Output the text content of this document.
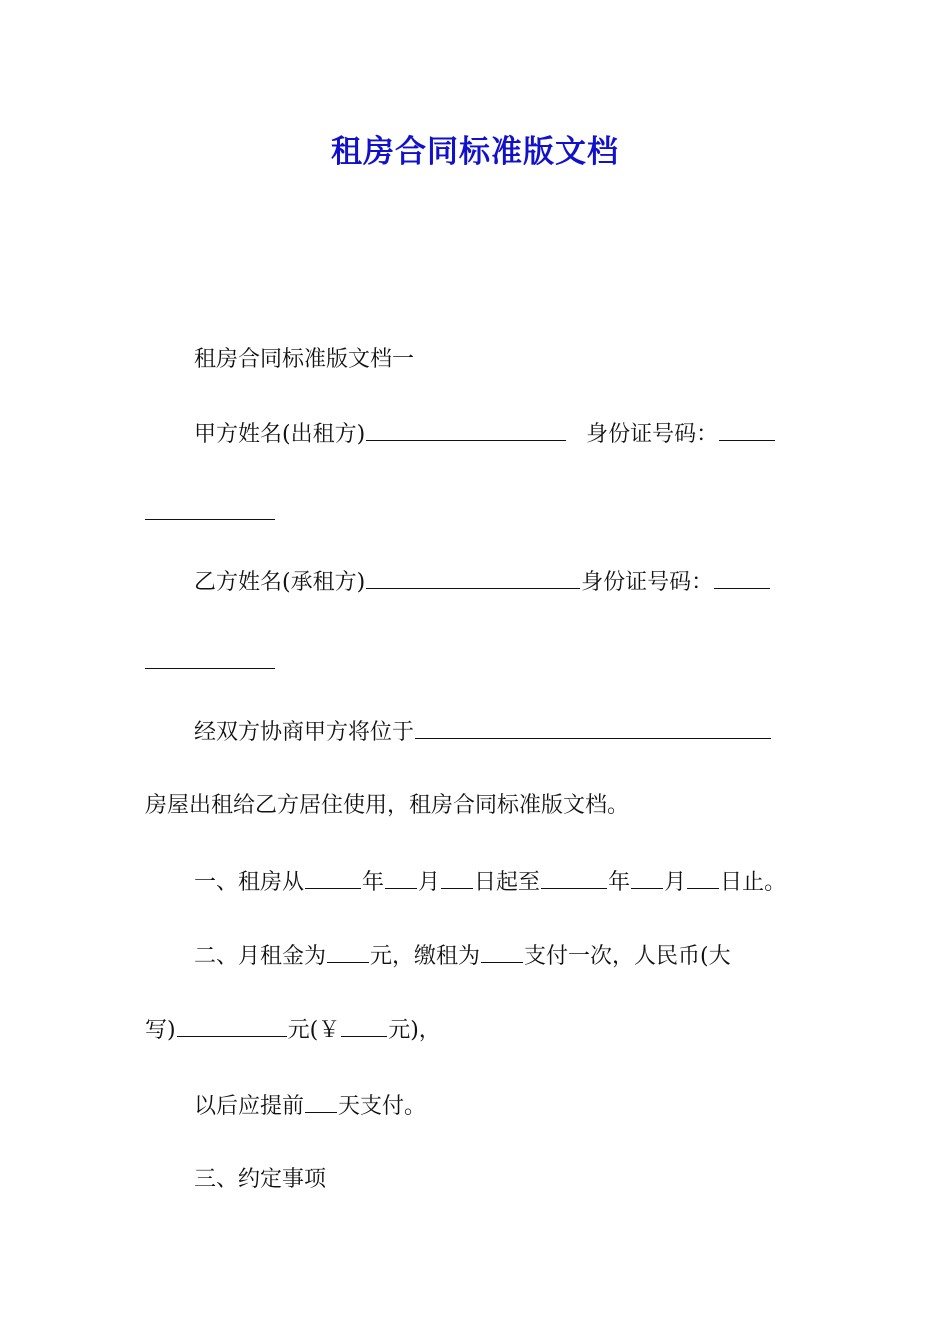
租房合同标准版文档
租房合同标准版文档一
甲方姓名(出租方)	身份证号码：
乙方姓名(承租方)	身份证号码：
经双方协商甲方将位于
房屋出租给乙方居住使用，租房合同标准版文档。
一、租房从	年 月 日起至	年 月 日止。
二、月租金为 元，缴租为 支付一次，人民币(大
写)	元(￥ 元)，
以后应提前 天支付。
三、约定事项
